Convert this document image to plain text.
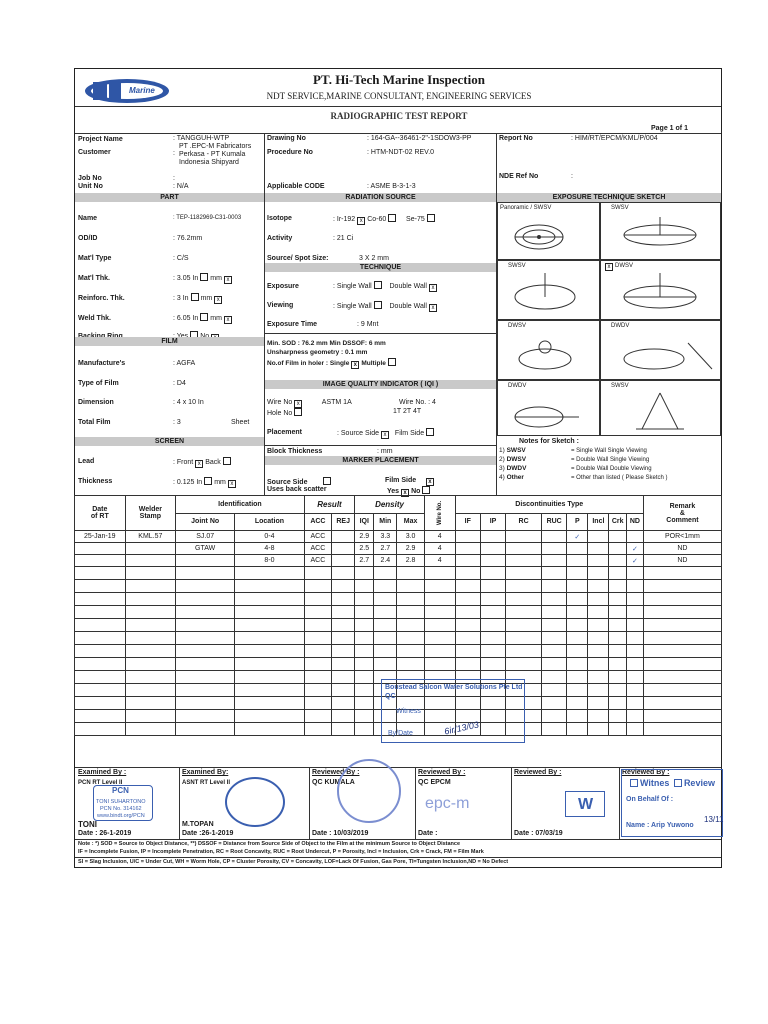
Marine
PT. Hi-Tech Marine Inspection
NDT SERVICE,MARINE CONSULTANT, ENGINEERING SERVICES
RADIOGRAPHIC TEST REPORT
Page 1 of 1
Project Name	: TANGGUH-WTP
Customer
PT .EPC-M Fabricators
Perkasa - PT Kumala
Indonesia Shipyard
:
Job No	:
Unit No	: N/A
Drawing No	: 164-GA--36461-2"-1SDOW3-PP
Procedure No	: HTM-NDT-02 REV.0
Applicable CODE	: ASME B-3-1-3
Report No	: HIM/RT/EPCM/KML/P/004
NDE Ref No	:
PART	RADIATION SOURCE	EXPOSURE TECHNIQUE SKETCH
Name	: TEP-1182969-C31-0003
OD/ID	: 76.2mm
Mat'l Type	: C/S
Mat'l Thk.	: 3.05 In mm x
Reinforc. Thk.	: 3 In mm x
Weld Thk.	: 6.05 In mm x
Isotope	: Ir-192 x Co-60	Se-75
Activity	: 21 Ci
Source/ Spot Size:	3 X 2 mm
TECHNIQUE
Exposure	: Single Wall	Double Wall x
Viewing	: Single Wall	Double Wall x
Exposure Time	: 9 Mnt
Min. SOD : 76.2 mm Min DSSOF: 6 mm
Unsharpness geometry : 0.1 mm
No.of Film in holer : Single x Multiple
FILM
Manufacture's	: AGFA
Type of Film	: D4
Dimension	: 4 x 10 In
Total Film	: 3	Sheet
IMAGE QUALITY INDICATOR ( IQI )
Wire No x	ASTM 1A	Wire No. : 4
Hole No	1T 2T 4T
Placement	: Source Side x Film Side
SCREEN
Lead	: Front x Back
Thickness	: 0.125 In mm x
Block Thickness	: mm
MARKER PLACEMENT
Source Side	Film Side x
Uses back scatter	Yes x No
Panoramic / SWSV	SWSV
SWSV	x DWSV
DWSV	DWDV
DWDV	SWSV
Notes for Sketch :
1) SWSV	= Single Wall Single Viewing
2) DWSV	= Double Wall Single Viewing
3) DWDV	= Double Wall Double Viewing
4) Other	= Other than listed ( Please Sketch )
Date
of RT	Welder
Stamp	Identification		Result		Density			Wire No.	Discontinuities Type								Remark
&
Comment
		Joint No	Location	ACC	REJ	IQI	Min	Max		IF	IP	RC	RUC	P	Incl	Crk	ND	
25-Jan-19	KML.57	SJ.07	0-4	ACC		2.9	3.3	3.0	4					✓				POR<1mm
		GTAW	4-8	ACC		2.5	2.7	2.9	4								✓	ND
			8-0	ACC		2.7	2.4	2.8	4								✓	ND

Boustead Salcon Water Solutions Pte Ltd QC
Witness
By/Date	6ir/13/03
Examined By :
PCN RT Level II
PCN
TONI SUHARTONO
PCN No. 314162
www.bindt.org/PCN
TONI
Date : 26-1-2019
Examined By:
ASNT RT Level II
M.TOPAN
Date :26-1-2019
Reviewed By :
QC KUMALA
Date : 10/03/2019
Reviewed By :
QC EPCM
epc-m
Date :
Reviewed By :
W
Date : 07/03/19
Reviewed By :
Witnes Review
On Behalf Of :
Name : Arip Yuwono
13/11
Note : *) SOD = Source to Object Distance, **) DSSOF = Distance from Source Side of Object to the Film at the minimum Source to Object Distance
IF = Incomplete Fusion, IP = Incomplete Penetration, RC = Root Concavity, RUC = Root Undercut, P = Porosity, Incl = Inclusion, Crk = Crack, FM = Film Mark
SI = Slag Inclusion, U/C = Under Cut, WH = Worm Hole, CP = Cluster Porosity, CV = Concavity, LOF=Lack Of Fusion, Gas Pore, TI=Tungsten Inclusion,ND = No Defect
